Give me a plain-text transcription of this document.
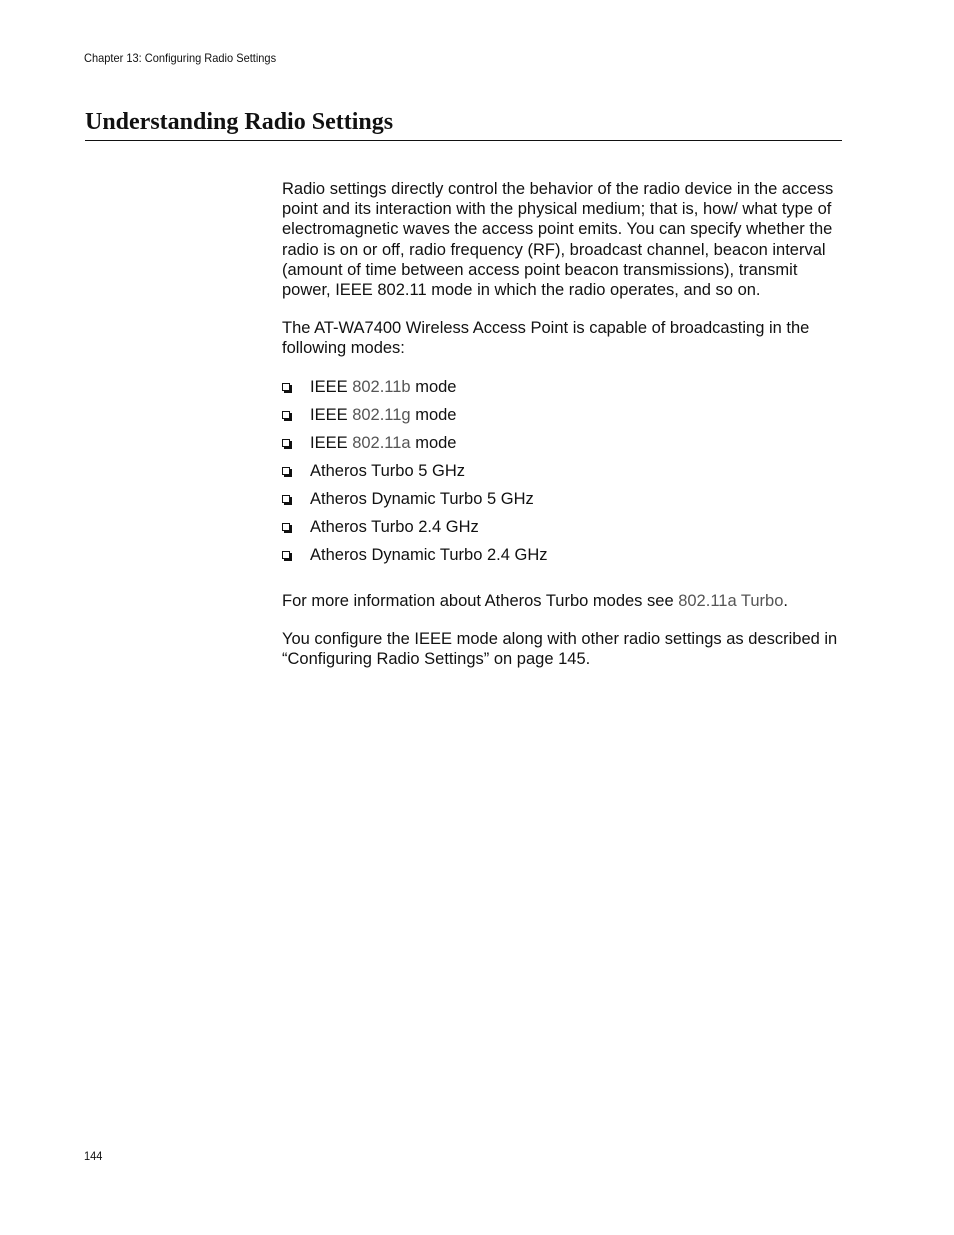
Chapter 13: Configuring Radio Settings
Understanding Radio Settings

Radio settings directly control the behavior of the radio device in the access point and its interaction with the physical medium; that is, how/ what type of electromagnetic waves the access point emits. You can specify whether the radio is on or off, radio frequency (RF), broadcast channel, beacon interval (amount of time between access point beacon transmissions), transmit power, IEEE 802.11 mode in which the radio operates, and so on.

The AT-WA7400 Wireless Access Point is capable of broadcasting in the following modes:

IEEE 802.11b mode
IEEE 802.11g mode
IEEE 802.11a mode
Atheros Turbo 5 GHz
Atheros Dynamic Turbo 5 GHz
Atheros Turbo 2.4 GHz
Atheros Dynamic Turbo 2.4 GHz

For more information about Atheros Turbo modes see 802.11a Turbo.

You configure the IEEE mode along with other radio settings as described in “Configuring Radio Settings” on page 145.

144
